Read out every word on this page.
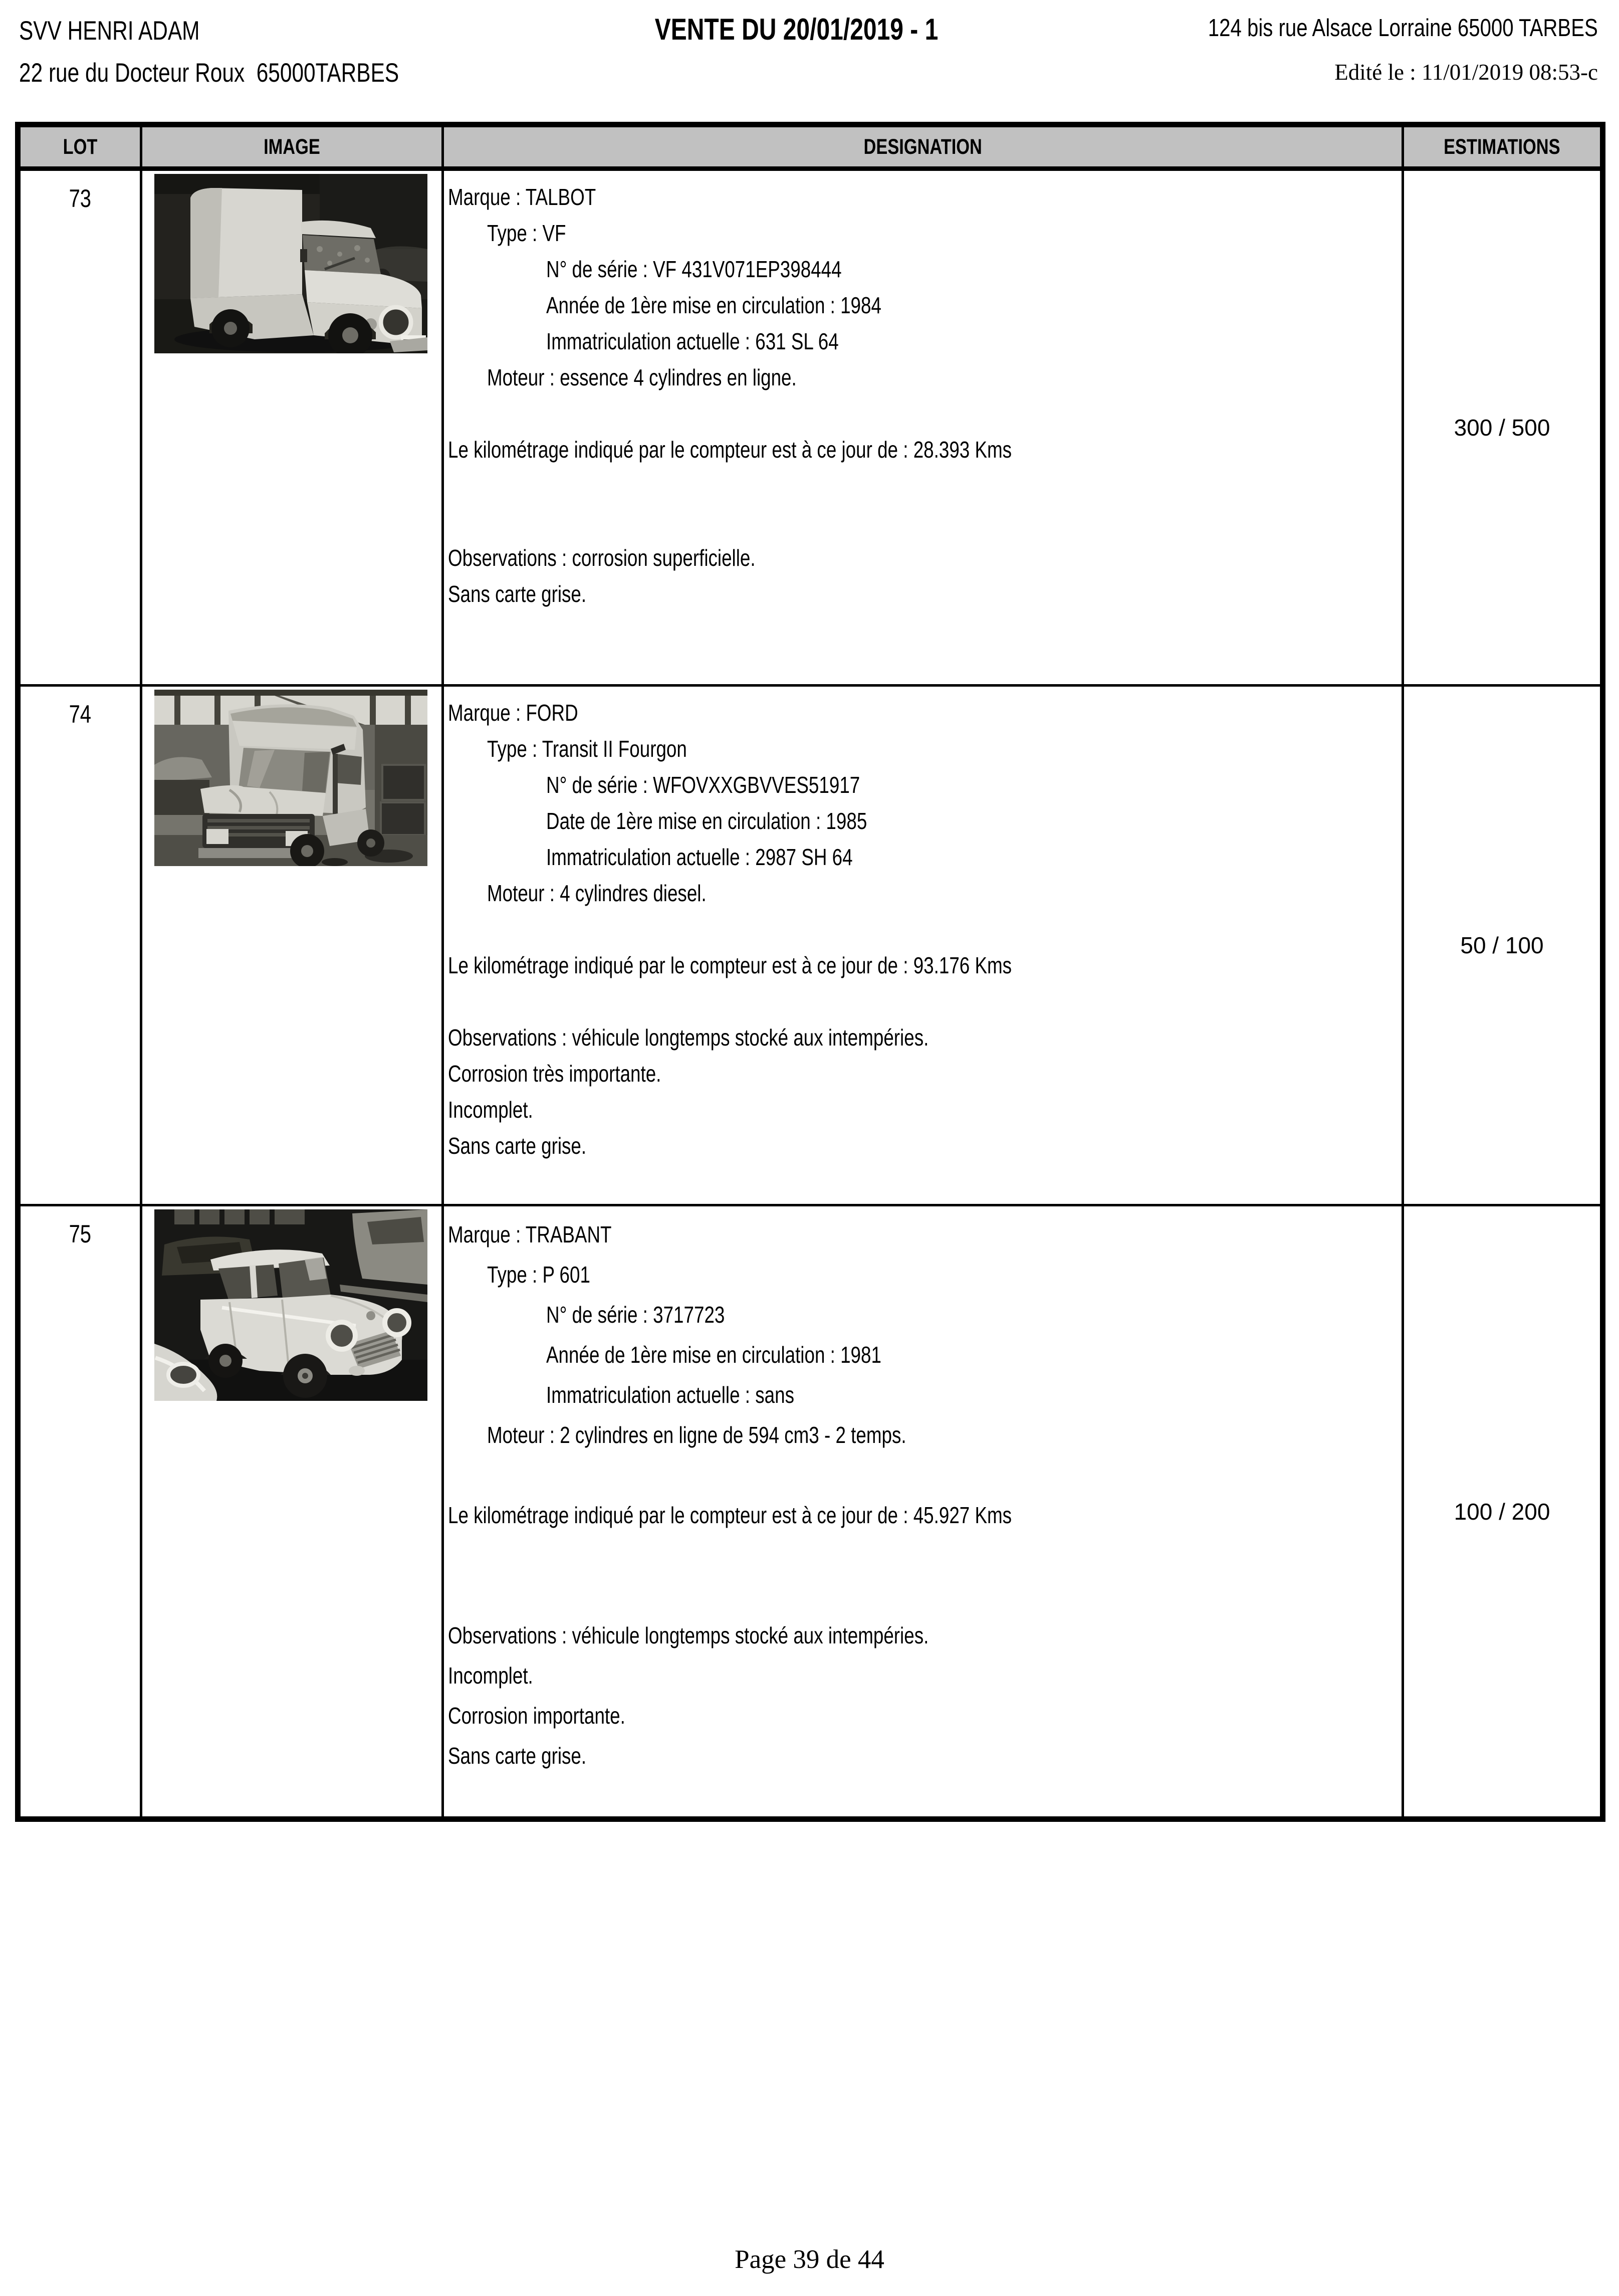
SVV HENRI ADAM
22 rue du Docteur Roux  65000TARBES
VENTE DU 20/01/2019 - 1	124 bis rue Alsace Lorraine 65000 TARBES
Edité le : 11/01/2019 08:53-c
LOT	IMAGE	DESIGNATION	ESTIMATIONS
73		Marque : TALBOT
Type : VF
N° de série : VF 431V071EP398444
Année de 1ère mise en circulation : 1984
Immatriculation actuelle : 631 SL 64
Moteur : essence 4 cylindres en ligne.
Le kilométrage indiqué par le compteur est à ce jour de : 28.393 Kms
Observations : corrosion superficielle.
Sans carte grise.
	300 / 500
74		Marque : FORD
Type : Transit II Fourgon
N° de série : WFOVXXGBVVES51917
Date de 1ère mise en circulation : 1985
Immatriculation actuelle : 2987 SH 64
Moteur : 4 cylindres diesel.
Le kilométrage indiqué par le compteur est à ce jour de : 93.176 Kms
Observations : véhicule longtemps stocké aux intempéries.
Corrosion très importante.
Incomplet.
Sans carte grise.
	50 / 100
75		Marque : TRABANT
Type : P 601
N° de série : 3717723
Année de 1ère mise en circulation : 1981
Immatriculation actuelle : sans
Moteur : 2 cylindres en ligne de 594 cm3 - 2 temps.
Le kilométrage indiqué par le compteur est à ce jour de : 45.927 Kms
Observations : véhicule longtemps stocké aux intempéries.
Incomplet.
Corrosion importante.
Sans carte grise.
	100 / 200
Page 39 de 44
